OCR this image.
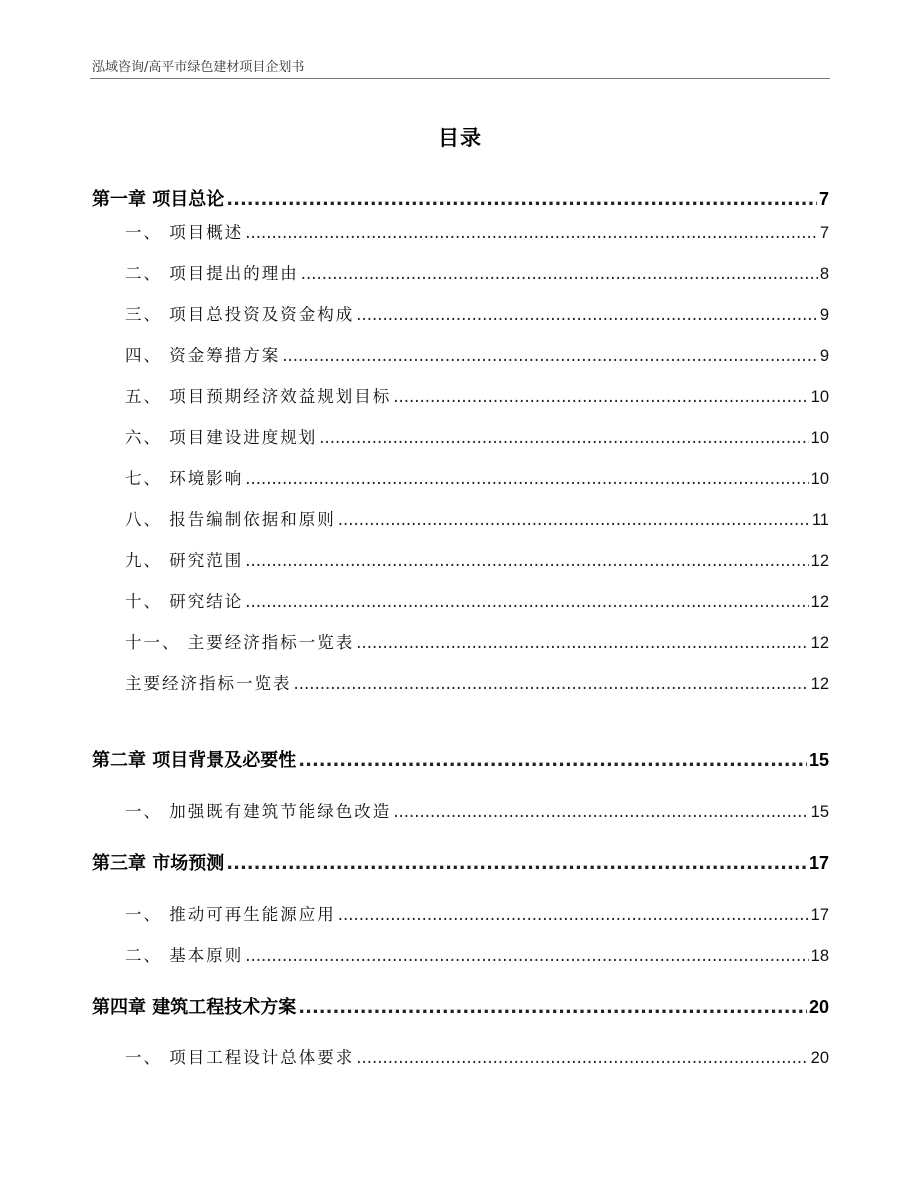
泓域咨询/高平市绿色建材项目企划书
目录
第一章 项目总论 .....	7
一、 项目概述 .....	7
二、 项目提出的理由 .....	8
三、 项目总投资及资金构成 .....	9
四、 资金筹措方案 .....	9
五、 项目预期经济效益规划目标 .....	10
六、 项目建设进度规划 .....	10
七、 环境影响 .....	10
八、 报告编制依据和原则 .....	11
九、 研究范围 .....	12
十、 研究结论 .....	12
十一、 主要经济指标一览表 .....	12
主要经济指标一览表 .....	12
第二章 项目背景及必要性 .....	15
一、 加强既有建筑节能绿色改造 .....	15
第三章 市场预测 .....	17
一、 推动可再生能源应用 .....	17
二、 基本原则 .....	18
第四章 建筑工程技术方案 .....	20
一、 项目工程设计总体要求 .....	20
